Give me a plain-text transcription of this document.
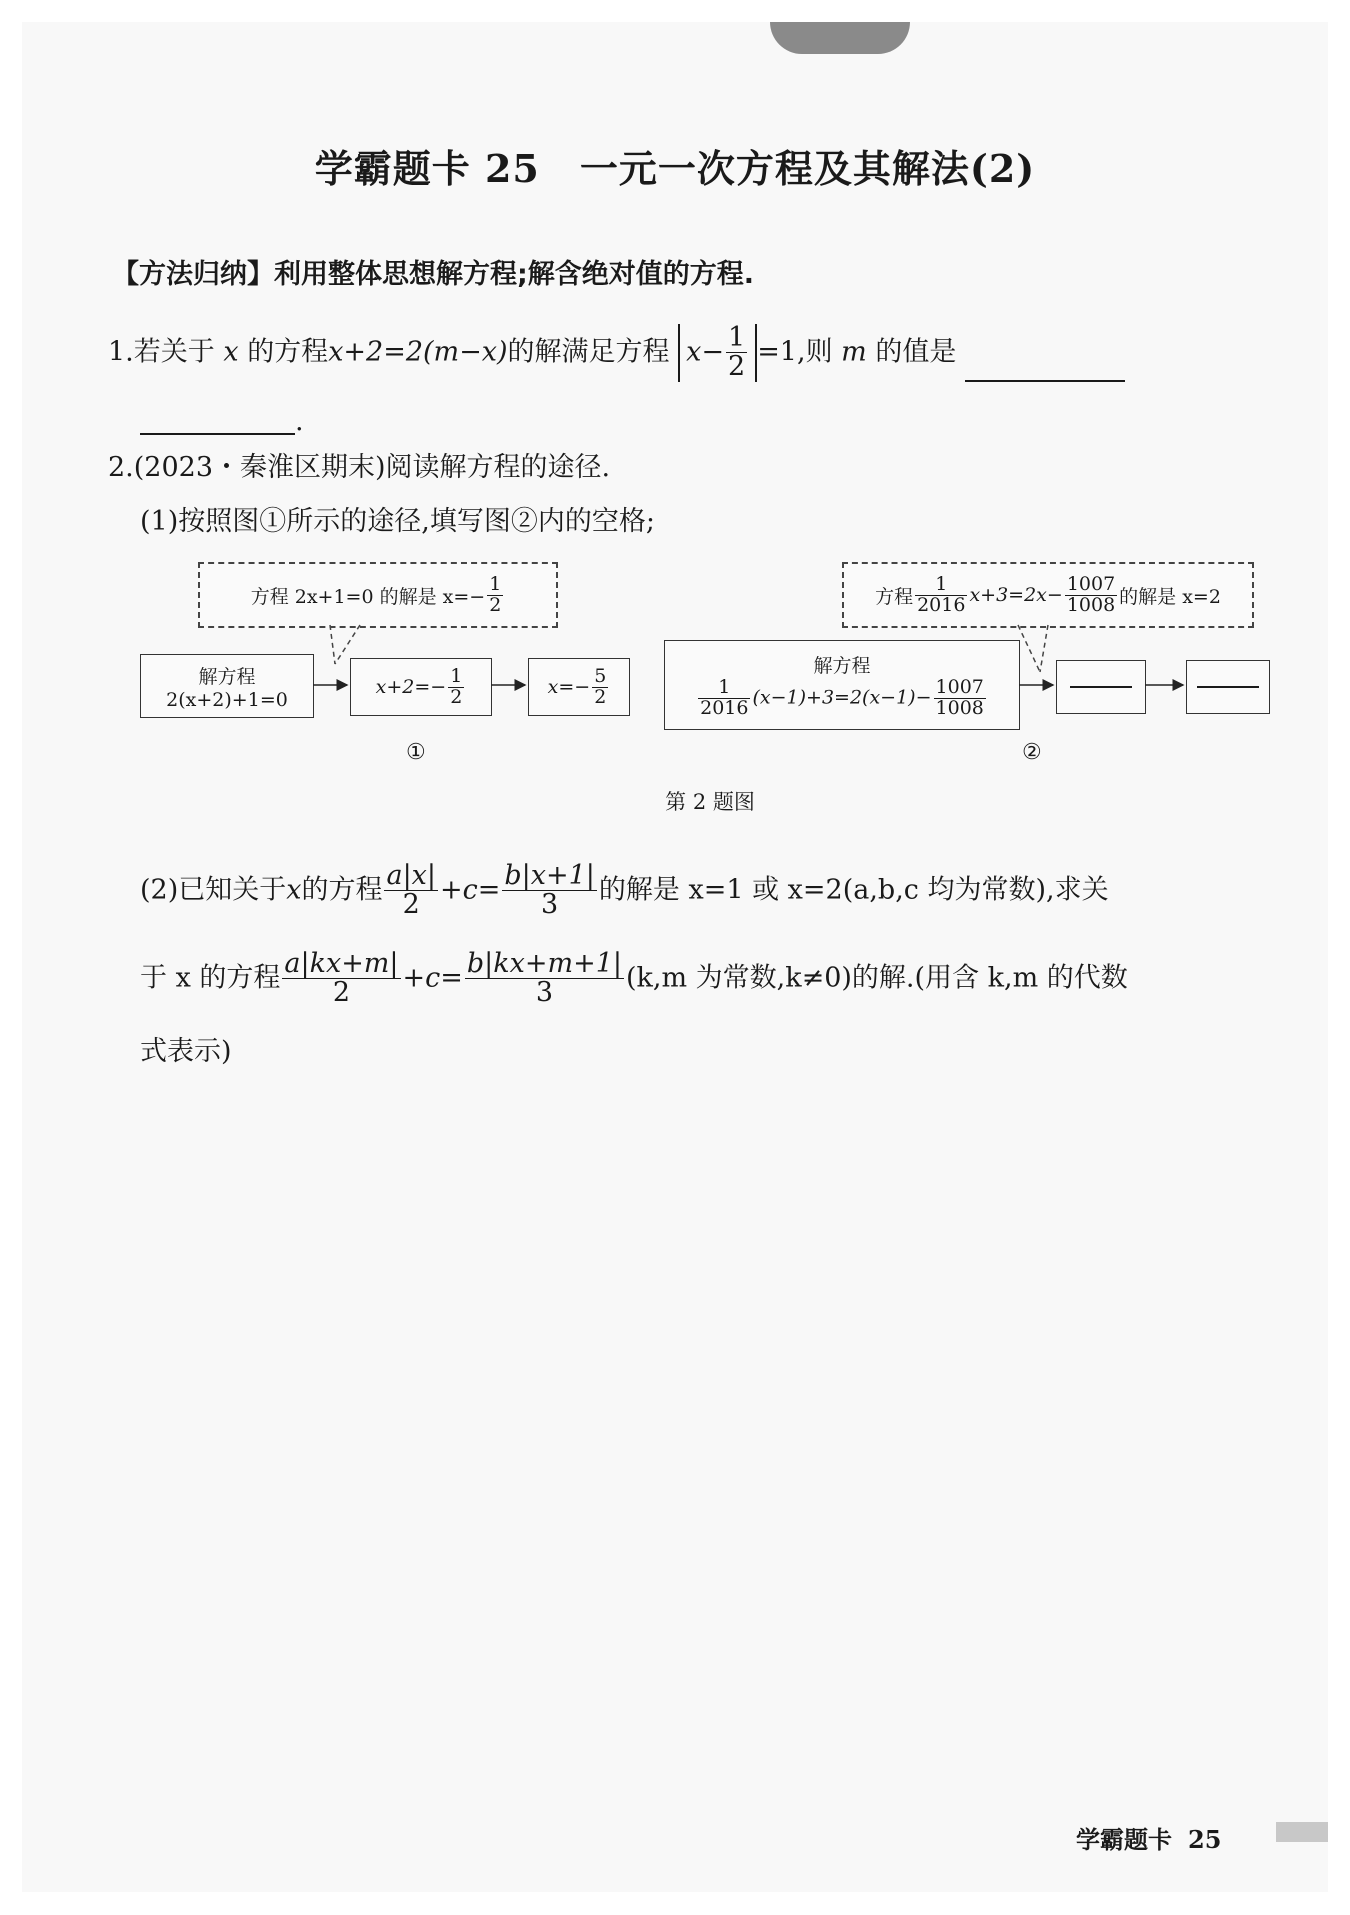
学霸题卡 25 一元一次方程及其解法(2)
【方法归纳】利用整体思想解方程;解含绝对值的方程.
1.若关于 x 的方程x+2=2(m−x)的解满足方程 $x- \frac{1}{2} =1$,则 m 的值是
.
2.(2023・秦淮区期末)阅读解方程的途径.
(1)按照图①所示的途径,填写图②内的空格;
方程 2x+1=0 的解是 $x=- \frac{1}{2}$
解方程
2(x+2)+1=0
$x+2=- \frac{1}{2}$	$x=- \frac{5}{2}$
①
方程 $\frac{1}{2016} x+3=2x- \frac{1007}{1008}$ 的解是 x=2
解方程
$\frac{1}{2016} (x-1)+3=2(x-1)- \frac{1007}{1008}$
②
第 2 题图
(2)已知关于x的方程 $\frac{a|x|}{2} +c= \frac{b|x+1|}{3}$ 的解是 x=1 或 x=2(a,b,c 均为常数),求关
于 x 的方程 $\frac{a|kx+m|}{2} +c= \frac{b|kx+m+1|}{3} (k,m$ 为常数,k≠0)的解.(用含 k,m 的代数
式表示)
学霸题卡 25
